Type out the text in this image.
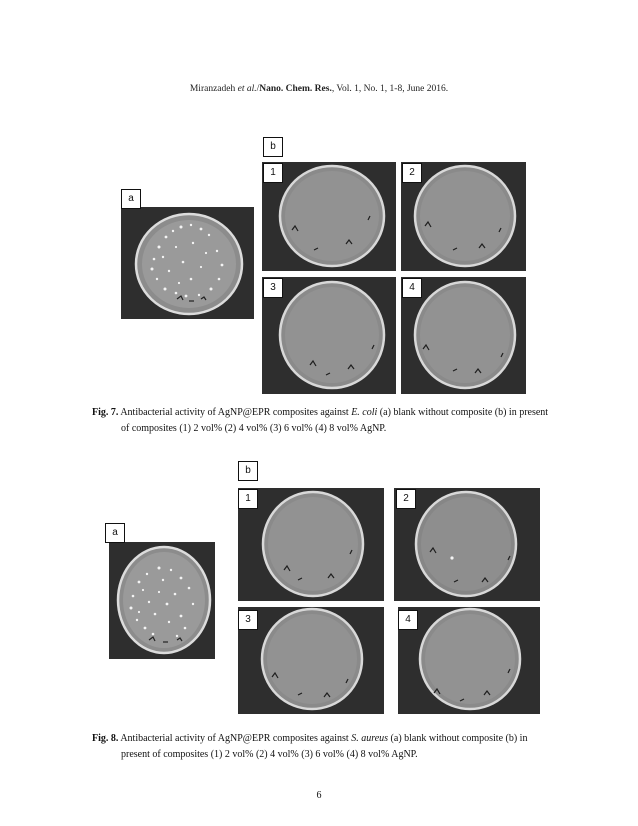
Miranzadeh et al./Nano. Chem. Res., Vol. 1, No. 1, 1-8, June 2016.
a
b
1	2
3	4
Fig. 7. Antibacterial activity of AgNP@EPR composites against E. coli (a) blank without composite (b) in present
of composites (1) 2 vol% (2) 4 vol% (3) 6 vol% (4) 8 vol% AgNP.
a
b
1	2
3	4
Fig. 8. Antibacterial activity of AgNP@EPR composites against S. aureus (a) blank without composite (b) in
present of composites (1) 2 vol% (2) 4 vol% (3) 6 vol% (4) 8 vol% AgNP.
6
